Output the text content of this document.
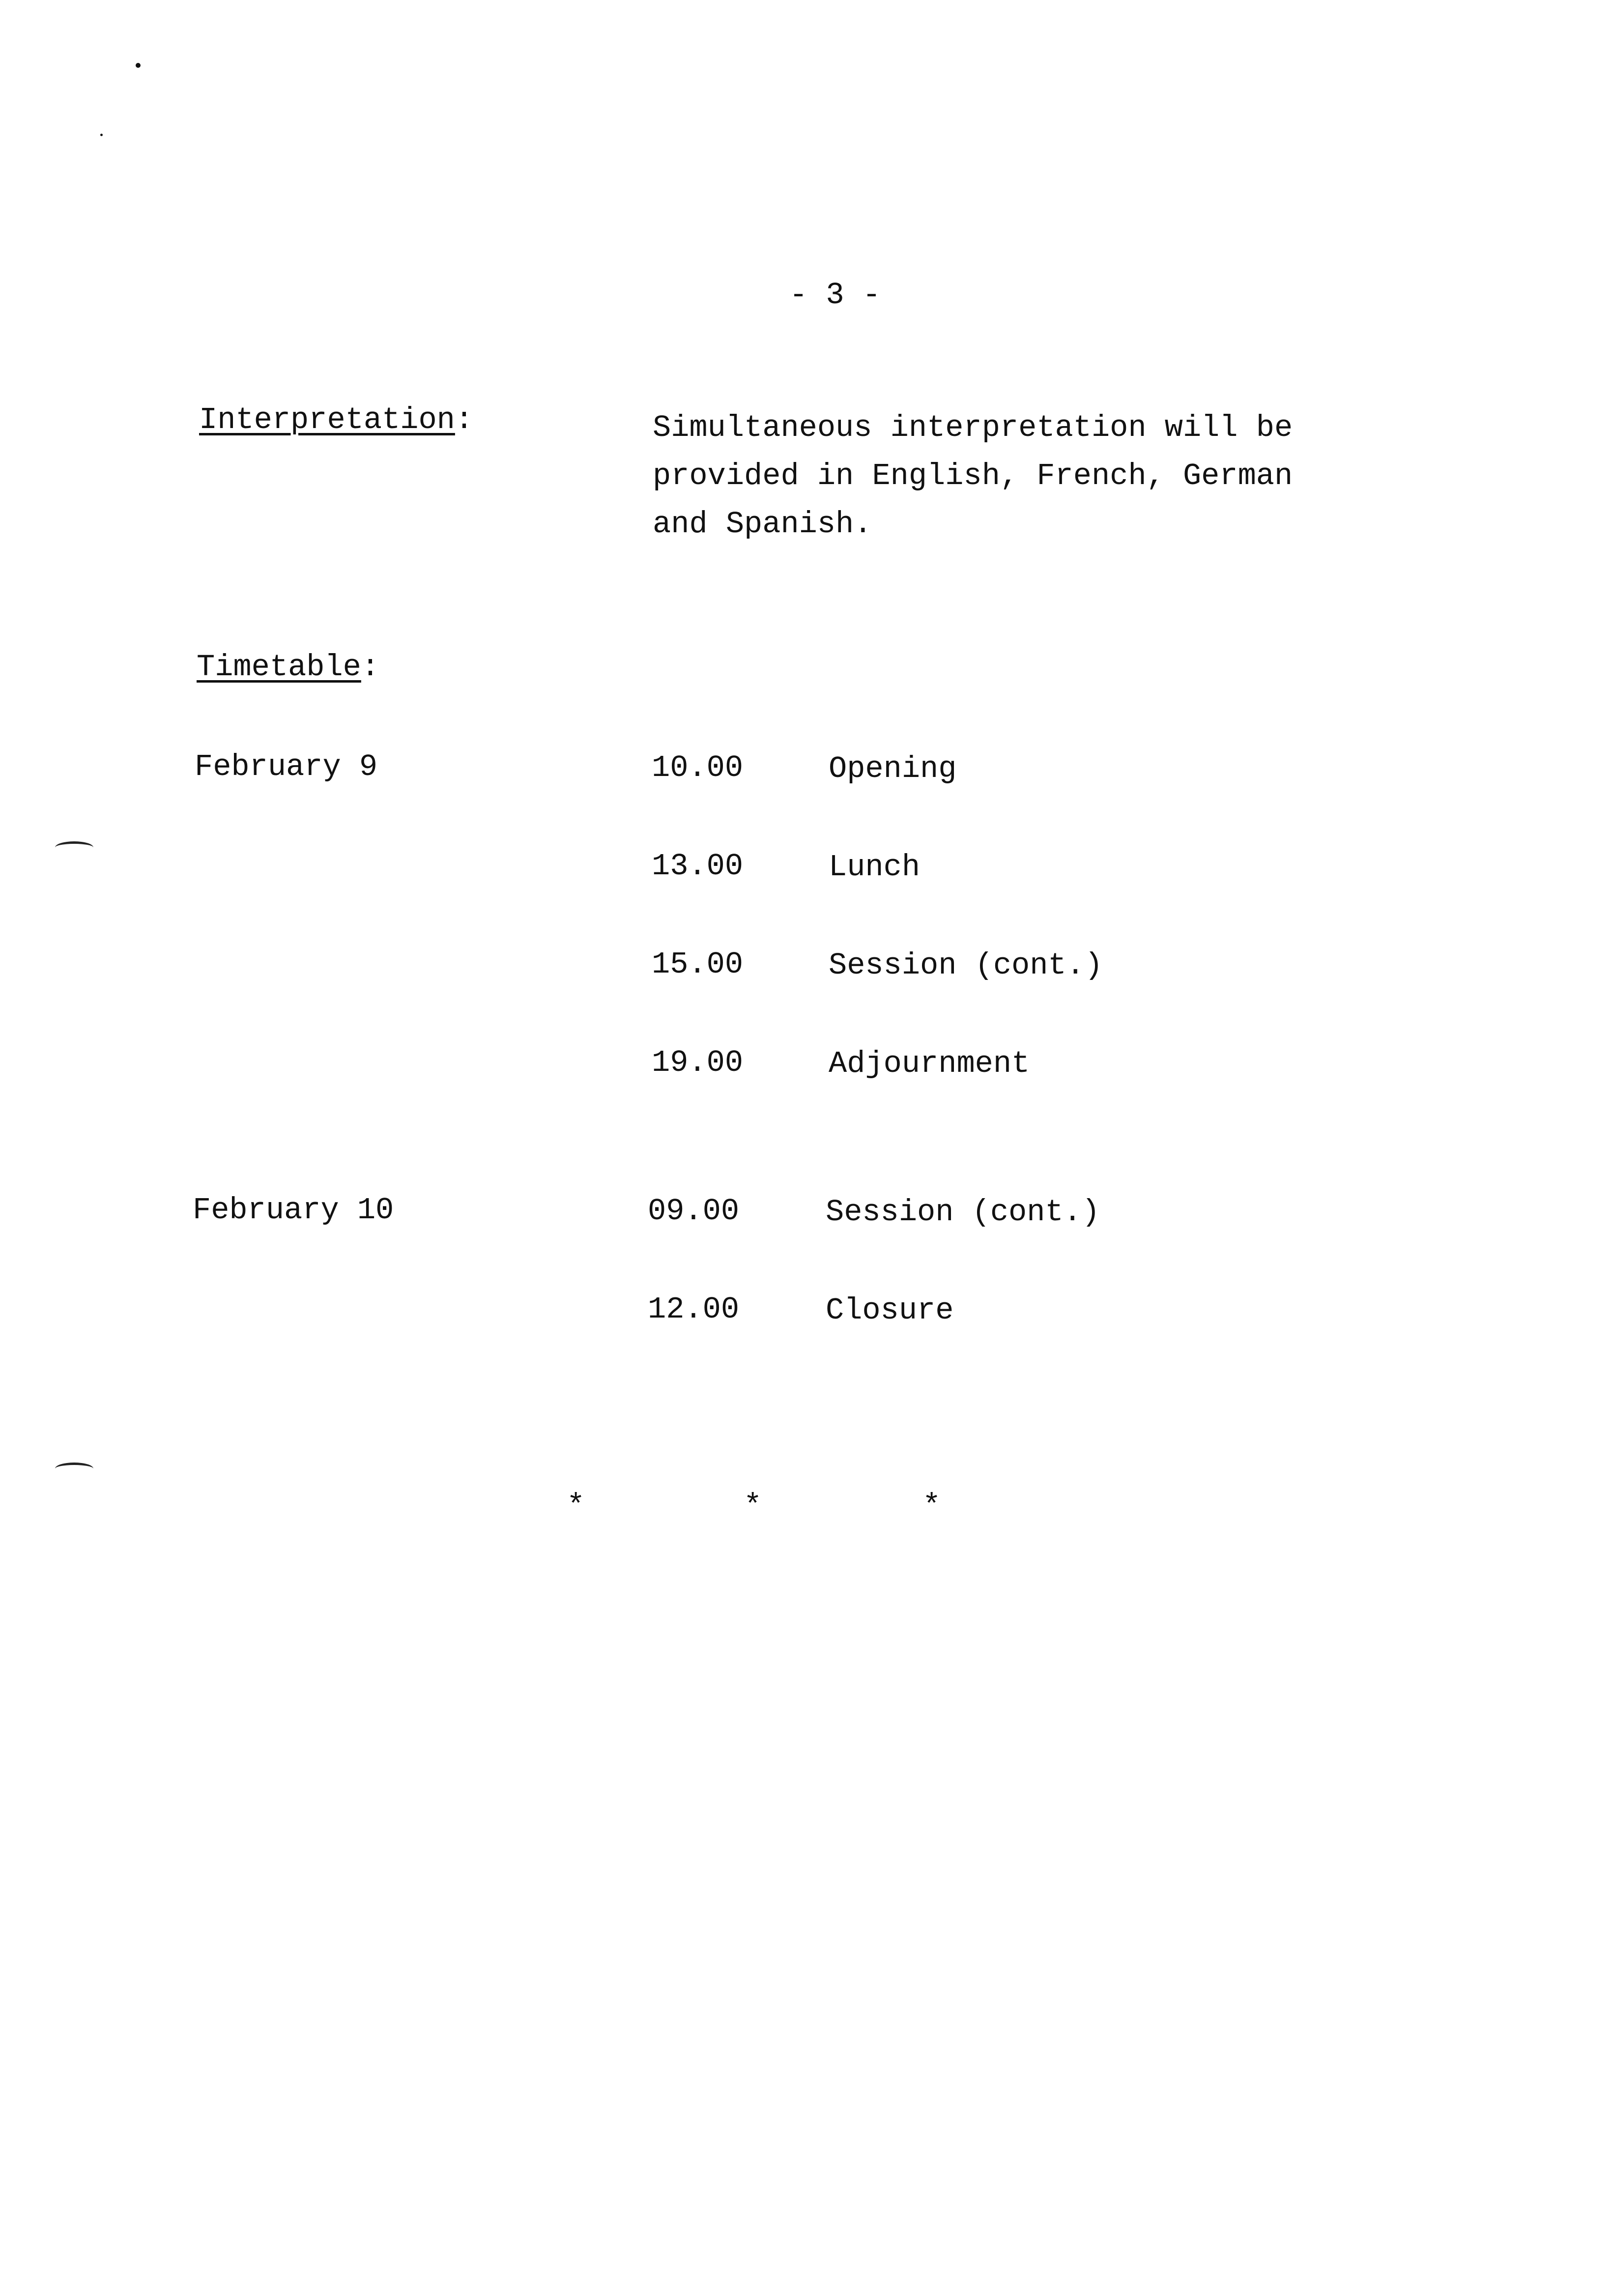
- 3 -
Interpretation:	Simultaneous interpretation will be
provided in English, French, German
and Spanish.
Timetable:
February 9	10.00	Opening
13.00	Lunch
15.00	Session (cont.)
19.00	Adjournment
February 10	09.00	Session (cont.)
12.00	Closure
*	*	*
